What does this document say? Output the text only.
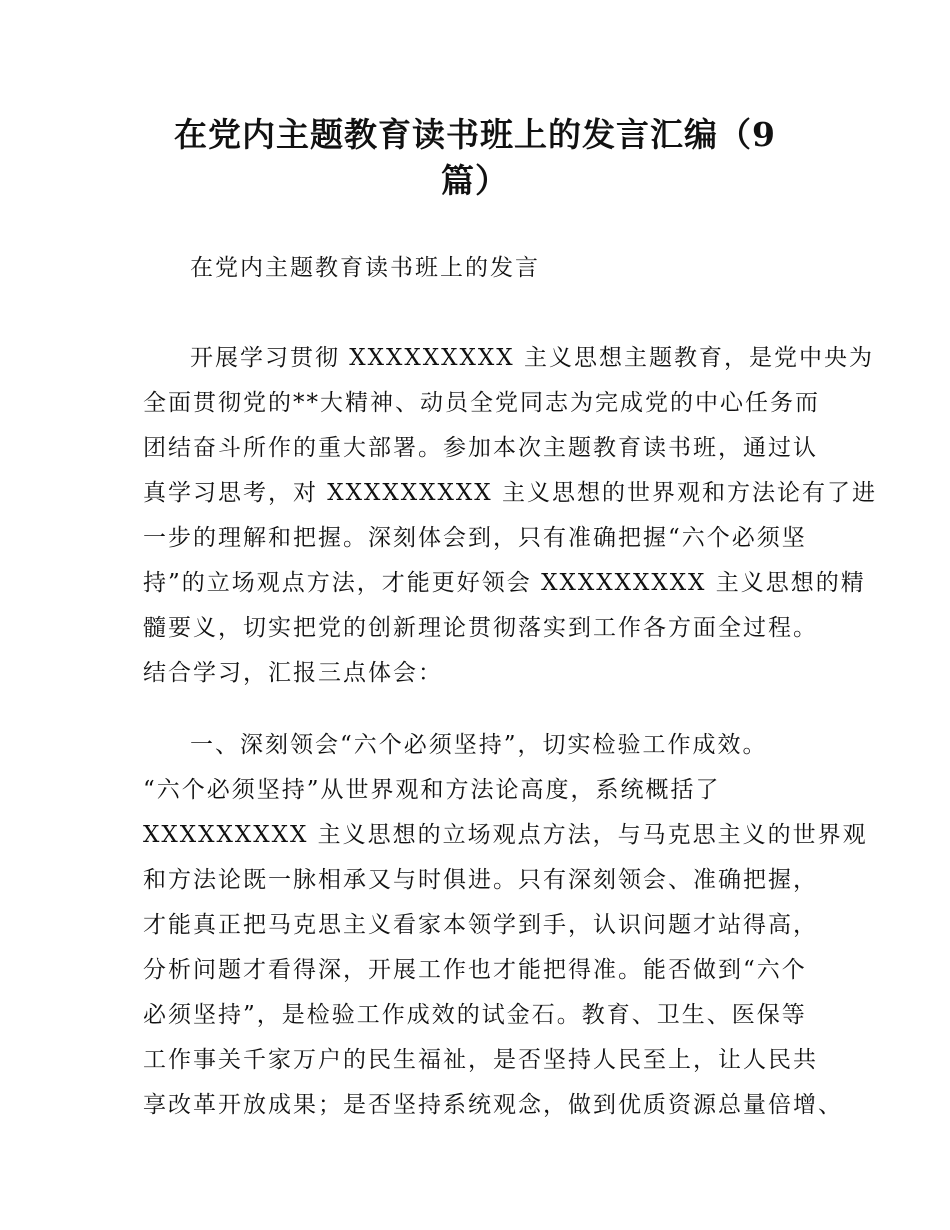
在党内主题教育读书班上的发言汇编（9
篇）

在党内主题教育读书班上的发言

开展学习贯彻 XXXXXXXXX 主义思想主题教育，是党中央为
全面贯彻党的**大精神、动员全党同志为完成党的中心任务而
团结奋斗所作的重大部署。参加本次主题教育读书班，通过认
真学习思考，对 XXXXXXXXX 主义思想的世界观和方法论有了进
一步的理解和把握。深刻体会到，只有准确把握“六个必须坚
持”的立场观点方法，才能更好领会 XXXXXXXXX 主义思想的精
髓要义，切实把党的创新理论贯彻落实到工作各方面全过程。
结合学习，汇报三点体会：

一、深刻领会“六个必须坚持”，切实检验工作成效。
“六个必须坚持”从世界观和方法论高度，系统概括了
XXXXXXXXX 主义思想的立场观点方法，与马克思主义的世界观
和方法论既一脉相承又与时俱进。只有深刻领会、准确把握，
才能真正把马克思主义看家本领学到手，认识问题才站得高，
分析问题才看得深，开展工作也才能把得准。能否做到“六个
必须坚持”，是检验工作成效的试金石。教育、卫生、医保等
工作事关千家万户的民生福祉，是否坚持人民至上，让人民共
享改革开放成果；是否坚持系统观念，做到优质资源总量倍增、
